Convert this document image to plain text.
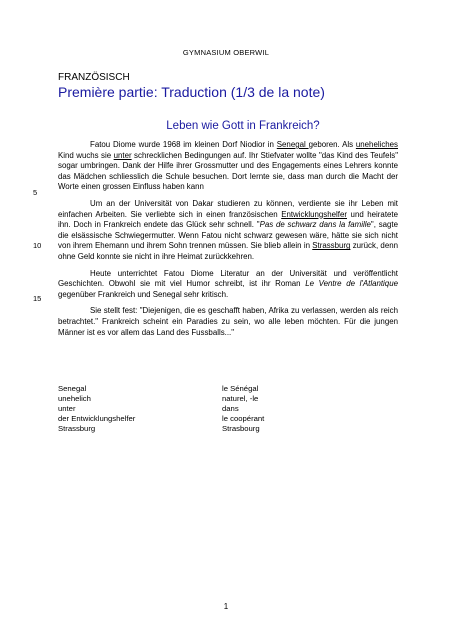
GYMNASIUM OBERWIL
FRANZÖSISCH
Première partie: Traduction (1/3 de la note)
Leben wie Gott in Frankreich?
5
10
15

Fatou Diome wurde 1968 im kleinen Dorf Niodior in Senegal geboren. Als uneheliches Kind wuchs sie unter schrecklichen Bedingungen auf. Ihr Stiefvater wollte "das Kind des Teufels" sogar umbringen. Dank der Hilfe ihrer Grossmutter und des Engagements eines Lehrers konnte das Mädchen schliesslich die Schule besuchen. Dort lernte sie, dass man durch die Macht der Worte einen grossen Einfluss haben kann

Um an der Universität von Dakar studieren zu können, verdiente sie ihr Leben mit einfachen Arbeiten. Sie verliebte sich in einen französischen Entwicklungshelfer und heiratete ihn. Doch in Frankreich endete das Glück sehr schnell. "Pas de schwarz dans la famille", sagte die elsässische Schwiegermutter. Wenn Fatou nicht schwarz gewesen wäre, hätte sie sich nicht von ihrem Ehemann und ihrem Sohn trennen müssen. Sie blieb allein in Strassburg zurück, denn ohne Geld konnte sie nicht in ihre Heimat zurückkehren.

Heute unterrichtet Fatou Diome Literatur an der Universität und veröffentlicht Geschichten. Obwohl sie mit viel Humor schreibt, ist ihr Roman Le Ventre de l'Atlantique gegenüber Frankreich und Senegal sehr kritisch.

Sie stellt fest: "Diejenigen, die es geschafft haben, Afrika zu verlassen, werden als reich betrachtet." Frankreich scheint ein Paradies zu sein, wo alle leben möchten. Für die jungen Männer ist es vor allem das Land des Fussballs..."

Senegal	le Sénégal
unehelich	naturel, -le
unter	dans
der Entwicklungshelfer	le coopérant
Strassburg	Strasbourg
1
